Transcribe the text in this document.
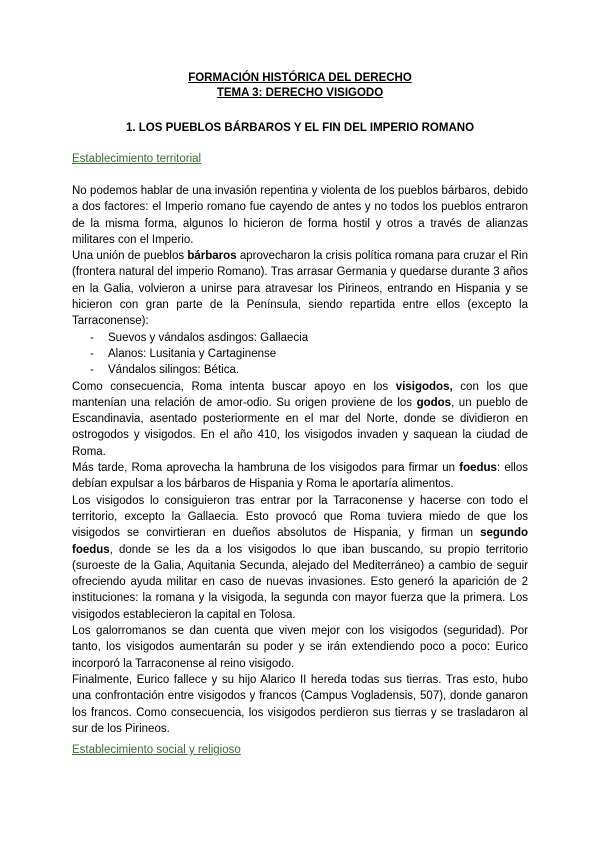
FORMACIÓN HISTÓRICA DEL DERECHO

TEMA 3: DERECHO VISIGODO

1. LOS PUEBLOS BÁRBAROS Y EL FIN DEL IMPERIO ROMANO

Establecimiento territorial

No podemos hablar de una invasión repentina y violenta de los pueblos bárbaros, debido a dos factores: el Imperio romano fue cayendo de antes y no todos los pueblos entraron de la misma forma, algunos lo hicieron de forma hostil y otros a través de alianzas militares con el Imperio.

Una unión de pueblos bárbaros aprovecharon la crisis política romana para cruzar el Rin (frontera natural del imperio Romano). Tras arrasar Germania y quedarse durante 3 años en la Galia, volvieron a unirse para atravesar los Pirineos, entrando en Hispania y se hicieron con gran parte de la Península, siendo repartida entre ellos (excepto la Tarraconense):

- Suevos y vándalos asdingos: Gallaecia
- Alanos: Lusitania y Cartaginense
- Vándalos silingos: Bética.

Como consecuencia, Roma intenta buscar apoyo en los visigodos, con los que mantenían una relación de amor-odio. Su origen proviene de los godos, un pueblo de Escandinavia, asentado posteriormente en el mar del Norte, donde se dividieron en ostrogodos y visigodos. En el año 410, los visigodos invaden y saquean la ciudad de Roma.

Más tarde, Roma aprovecha la hambruna de los visigodos para firmar un foedus: ellos debían expulsar a los bárbaros de Hispania y Roma le aportaría alimentos.

Los visigodos lo consiguieron tras entrar por la Tarraconense y hacerse con todo el territorio, excepto la Gallaecia. Esto provocó que Roma tuviera miedo de que los visigodos se convirtieran en dueños absolutos de Hispania, y firman un segundo foedus, donde se les da a los visigodos lo que iban buscando, su propio territorio (suroeste de la Galia, Aquitania Secunda, alejado del Mediterráneo) a cambio de seguir ofreciendo ayuda militar en caso de nuevas invasiones. Esto generó la aparición de 2 instituciones: la romana y la visigoda, la segunda con mayor fuerza que la primera. Los visigodos establecieron la capital en Tolosa.

Los galorromanos se dan cuenta que viven mejor con los visigodos (seguridad). Por tanto, los visigodos aumentarán su poder y se irán extendiendo poco a poco: Eurico incorporó la Tarraconense al reino visigodo.

Finalmente, Eurico fallece y su hijo Alarico II hereda todas sus tierras. Tras esto, hubo una confrontación entre visigodos y francos (Campus Vogladensis, 507), donde ganaron los francos. Como consecuencia, los visigodos perdieron sus tierras y se trasladaron al sur de los Pirineos.

Establecimiento social y religioso
